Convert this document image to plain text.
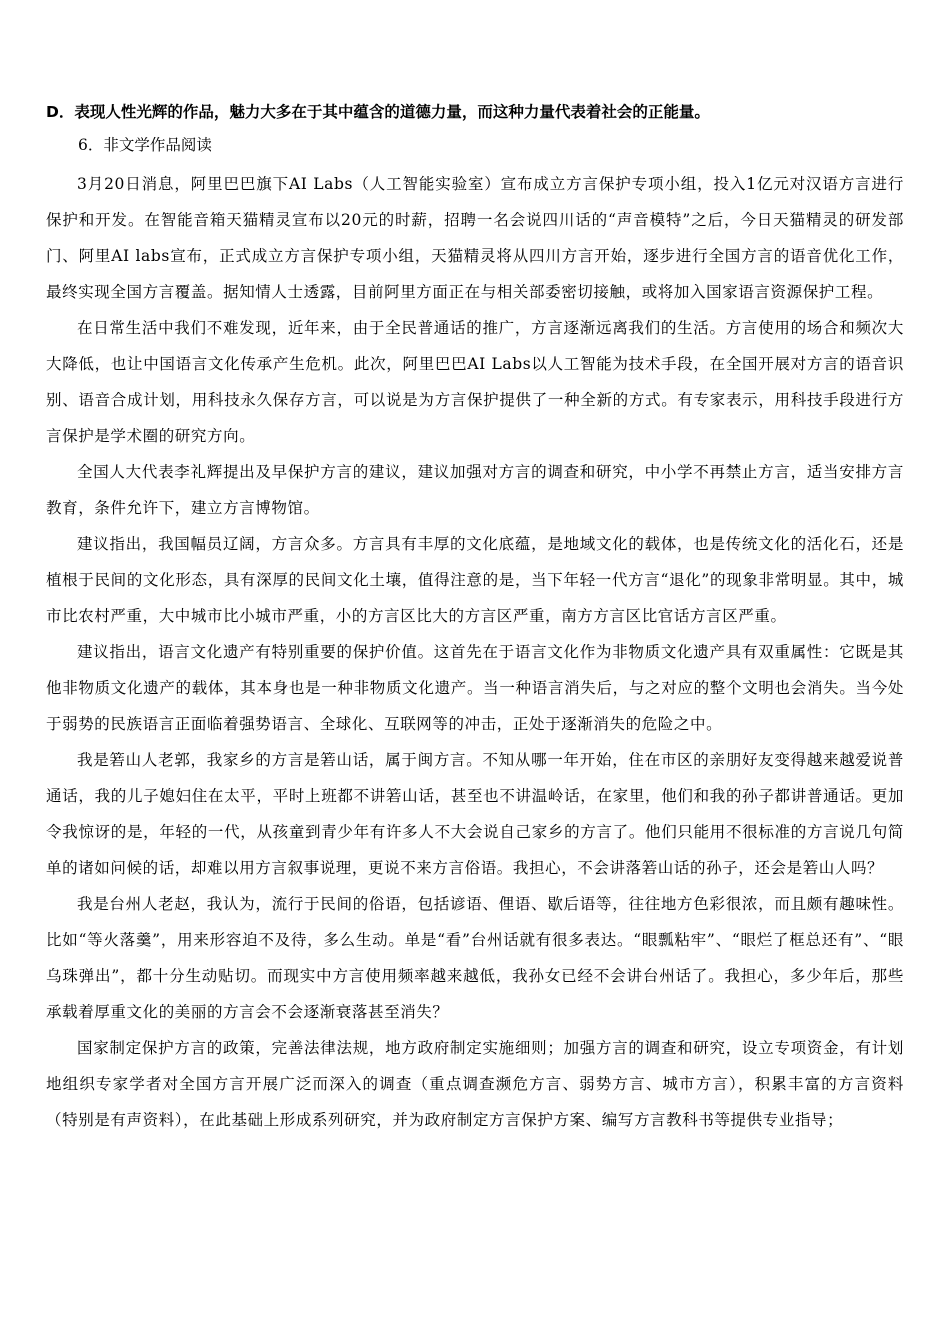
D．表现人性光辉的作品，魅力大多在于其中蕴含的道德力量，而这种力量代表着社会的正能量。
6．非文学作品阅读

3月20日消息，阿里巴巴旗下AI Labs（人工智能实验室）宣布成立方言保护专项小组，投入1亿元对汉语方言进行保护和开发。在智能音箱天猫精灵宣布以20元的时薪，招聘一名会说四川话的“声音模特”之后，今日天猫精灵的研发部门、阿里AI labs宣布，正式成立方言保护专项小组，天猫精灵将从四川方言开始，逐步进行全国方言的语音优化工作，最终实现全国方言覆盖。据知情人士透露，目前阿里方面正在与相关部委密切接触，或将加入国家语言资源保护工程。

在日常生活中我们不难发现，近年来，由于全民普通话的推广，方言逐渐远离我们的生活。方言使用的场合和频次大大降低，也让中国语言文化传承产生危机。此次，阿里巴巴AI Labs以人工智能为技术手段，在全国开展对方言的语音识别、语音合成计划，用科技永久保存方言，可以说是为方言保护提供了一种全新的方式。有专家表示，用科技手段进行方言保护是学术圈的研究方向。

全国人大代表李礼辉提出及早保护方言的建议，建议加强对方言的调查和研究，中小学不再禁止方言，适当安排方言教育，条件允许下，建立方言博物馆。

建议指出，我国幅员辽阔，方言众多。方言具有丰厚的文化底蕴，是地域文化的载体，也是传统文化的活化石，还是植根于民间的文化形态，具有深厚的民间文化土壤，值得注意的是，当下年轻一代方言“退化”的现象非常明显。其中，城市比农村严重，大中城市比小城市严重，小的方言区比大的方言区严重，南方方言区比官话方言区严重。

建议指出，语言文化遗产有特别重要的保护价值。这首先在于语言文化作为非物质文化遗产具有双重属性：它既是其他非物质文化遗产的载体，其本身也是一种非物质文化遗产。当一种语言消失后，与之对应的整个文明也会消失。当今处于弱势的民族语言正面临着强势语言、全球化、互联网等的冲击，正处于逐渐消失的危险之中。

我是箬山人老郭，我家乡的方言是箬山话，属于闽方言。不知从哪一年开始，住在市区的亲朋好友变得越来越爱说普通话，我的儿子媳妇住在太平，平时上班都不讲箬山话，甚至也不讲温岭话，在家里，他们和我的孙子都讲普通话。更加令我惊讶的是，年轻的一代，从孩童到青少年有许多人不大会说自己家乡的方言了。他们只能用不很标准的方言说几句简单的诸如问候的话，却难以用方言叙事说理，更说不来方言俗语。我担心，不会讲落箬山话的孙子，还会是箬山人吗？

我是台州人老赵，我认为，流行于民间的俗语，包括谚语、俚语、歇后语等，往往地方色彩很浓，而且颇有趣味性。比如“等火落羹”，用来形容迫不及待，多么生动。单是“看”台州话就有很多表达。“眼瓢粘牢”、“眼烂了框总还有”、“眼乌珠弹出”，都十分生动贴切。而现实中方言使用频率越来越低，我孙女已经不会讲台州话了。我担心，多少年后，那些承载着厚重文化的美丽的方言会不会逐渐衰落甚至消失？

国家制定保护方言的政策，完善法律法规，地方政府制定实施细则；加强方言的调查和研究，设立专项资金，有计划地组织专家学者对全国方言开展广泛而深入的调查（重点调查濒危方言、弱势方言、城市方言），积累丰富的方言资料（特别是有声资料），在此基础上形成系列研究，并为政府制定方言保护方案、编写方言教科书等提供专业指导；
